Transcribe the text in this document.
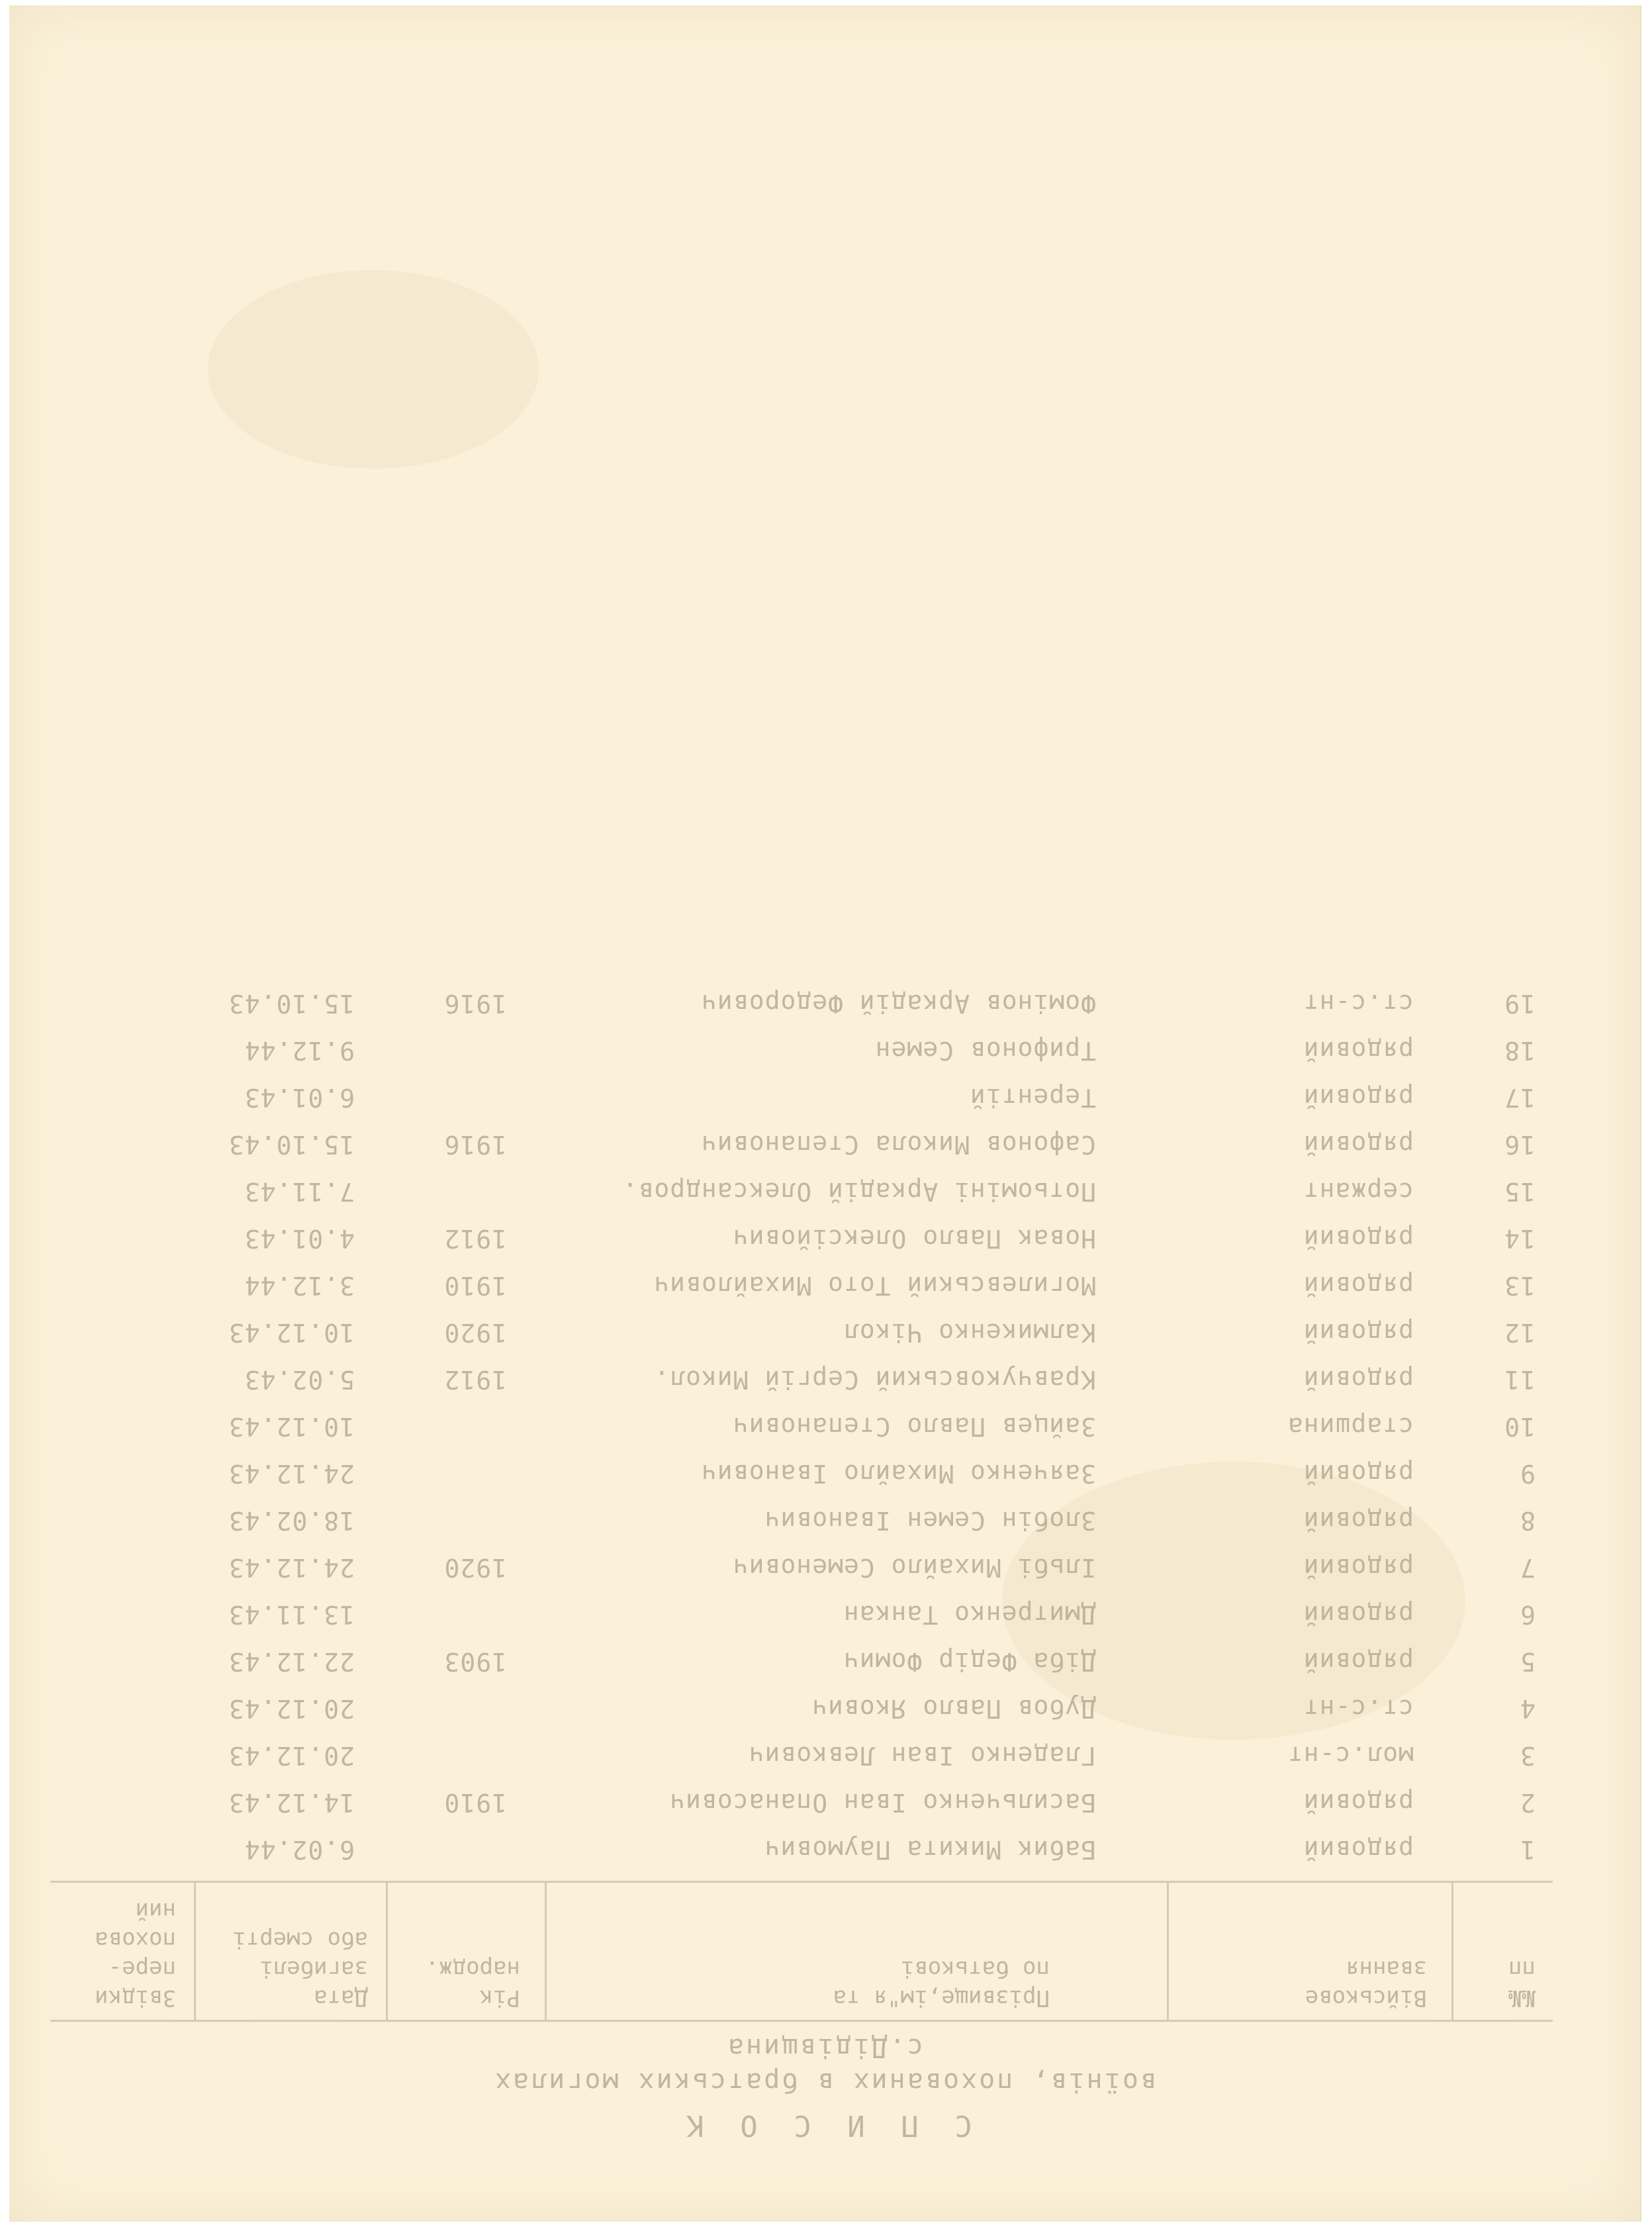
С П И С О К
воїнів, похованих в братських могилах
с.Дідівщина
№№
пп
Військове
звання
Прізвище,ім"я та
по батькові
Рік
народж.
Дата
загибелі
або смерті
Звідки
пере-
похова
ний
1
рядовий
Бабик Микита Паумович
6.02.44
2
рядовий
Басильченко Іван Опанасович
1910
14.12.43
3
мол.с-нт
Гладенко Іван Левкович
20.12.43
4
ст.с-нт
Дубов Павло Якович
20.12.43
5
рядовий
Діба Федір Фомич
1903
22.12.43
6
рядовий
Дмитренко Танкан
13.11.43
7
рядовий
Ільбі Михайло Семенович
1920
24.12.43
8
рядовий
Злобін Семен Іванович
18.02.43
9
рядовий
Заяченко Михайло Іванович
24.12.43
10
старшина
Зайцев Павло Степанович
10.12.43
11
рядовий
Кравчуковський Сергій Микол.
1912
5.02.43
12
рядовий
Калмикенко Чікол
1920
10.12.43
13
рядовий
Могилевський Тото Михайлович
1910
3.12.44
14
рядовий
Новак Павло Олексійович
1912
4.01.43
15
сержант
Потьоміні Аркадій Олександров.
7.11.43
16
рядовий
Сафонов Микола Степанович
1916
15.10.43
17
рядовий
Терентій
6.01.43
18
рядовий
Трифонов Семен
9.12.44
19
ст.с-нт
Фомінов Аркадій Федорович
1916
15.10.43
